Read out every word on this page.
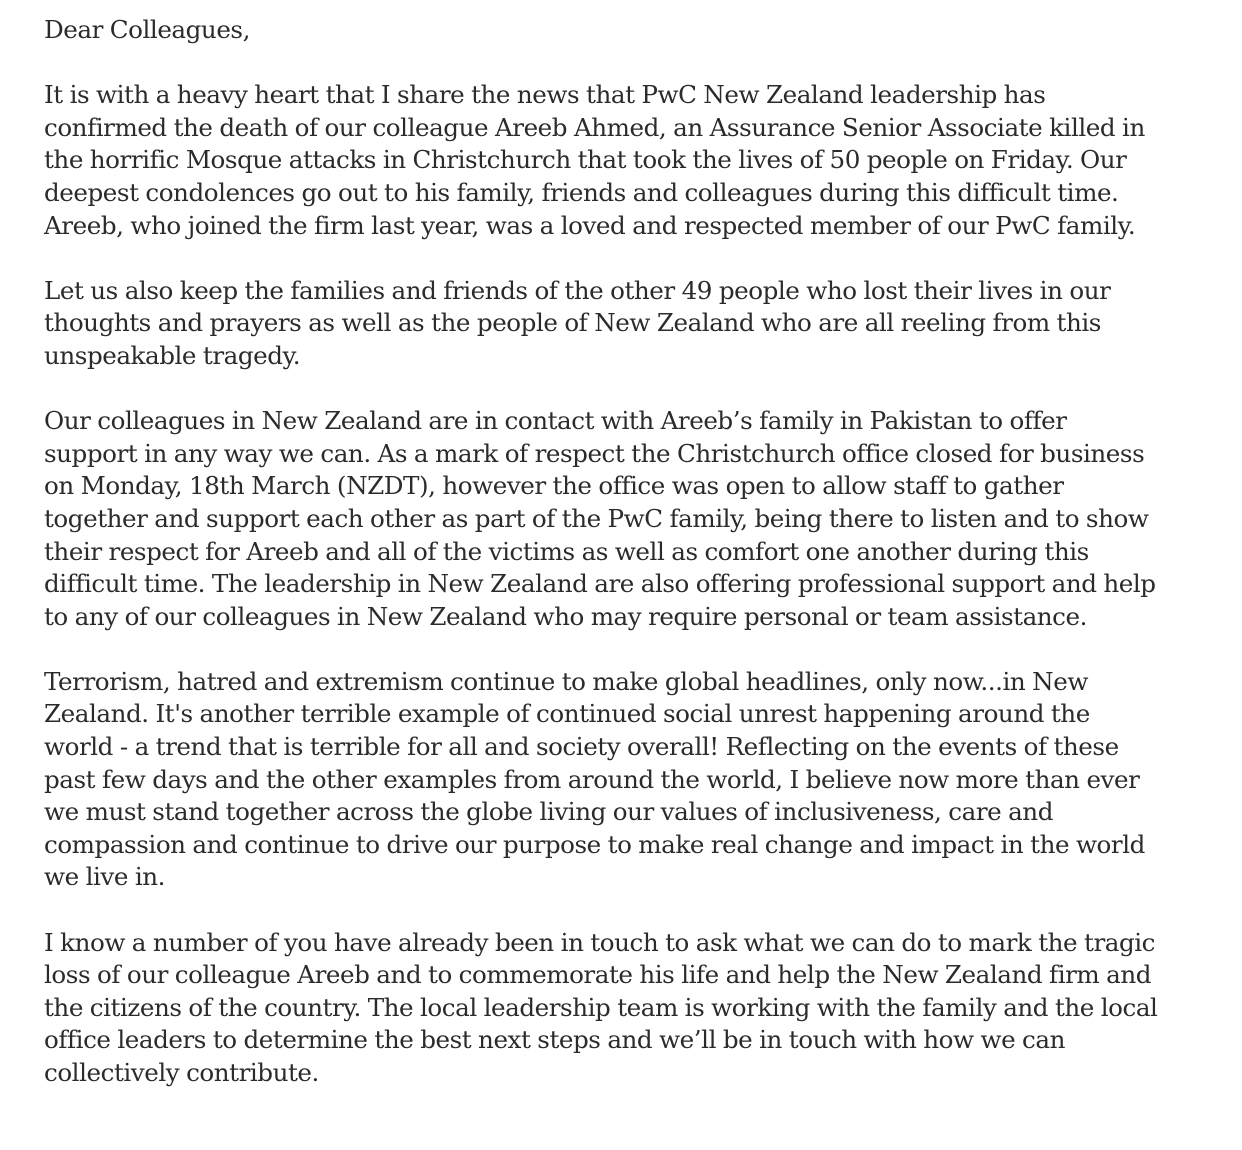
Dear Colleagues,
It is with a heavy heart that I share the news that PwC New Zealand leadership has
confirmed the death of our colleague Areeb Ahmed, an Assurance Senior Associate killed in
the horrific Mosque attacks in Christchurch that took the lives of 50 people on Friday. Our
deepest condolences go out to his family, friends and colleagues during this difficult time.
Areeb, who joined the firm last year, was a loved and respected member of our PwC family.
Let us also keep the families and friends of the other 49 people who lost their lives in our
thoughts and prayers as well as the people of New Zealand who are all reeling from this
unspeakable tragedy.
Our colleagues in New Zealand are in contact with Areeb’s family in Pakistan to offer
support in any way we can. As a mark of respect the Christchurch office closed for business
on Monday, 18th March (NZDT), however the office was open to allow staff to gather
together and support each other as part of the PwC family, being there to listen and to show
their respect for Areeb and all of the victims as well as comfort one another during this
difficult time. The leadership in New Zealand are also offering professional support and help
to any of our colleagues in New Zealand who may require personal or team assistance.
Terrorism, hatred and extremism continue to make global headlines, only now...in New
Zealand. It's another terrible example of continued social unrest happening around the
world - a trend that is terrible for all and society overall! Reflecting on the events of these
past few days and the other examples from around the world, I believe now more than ever
we must stand together across the globe living our values of inclusiveness, care and
compassion and continue to drive our purpose to make real change and impact in the world
we live in.
I know a number of you have already been in touch to ask what we can do to mark the tragic
loss of our colleague Areeb and to commemorate his life and help the New Zealand firm and
the citizens of the country. The local leadership team is working with the family and the local
office leaders to determine the best next steps and we’ll be in touch with how we can
collectively contribute.
